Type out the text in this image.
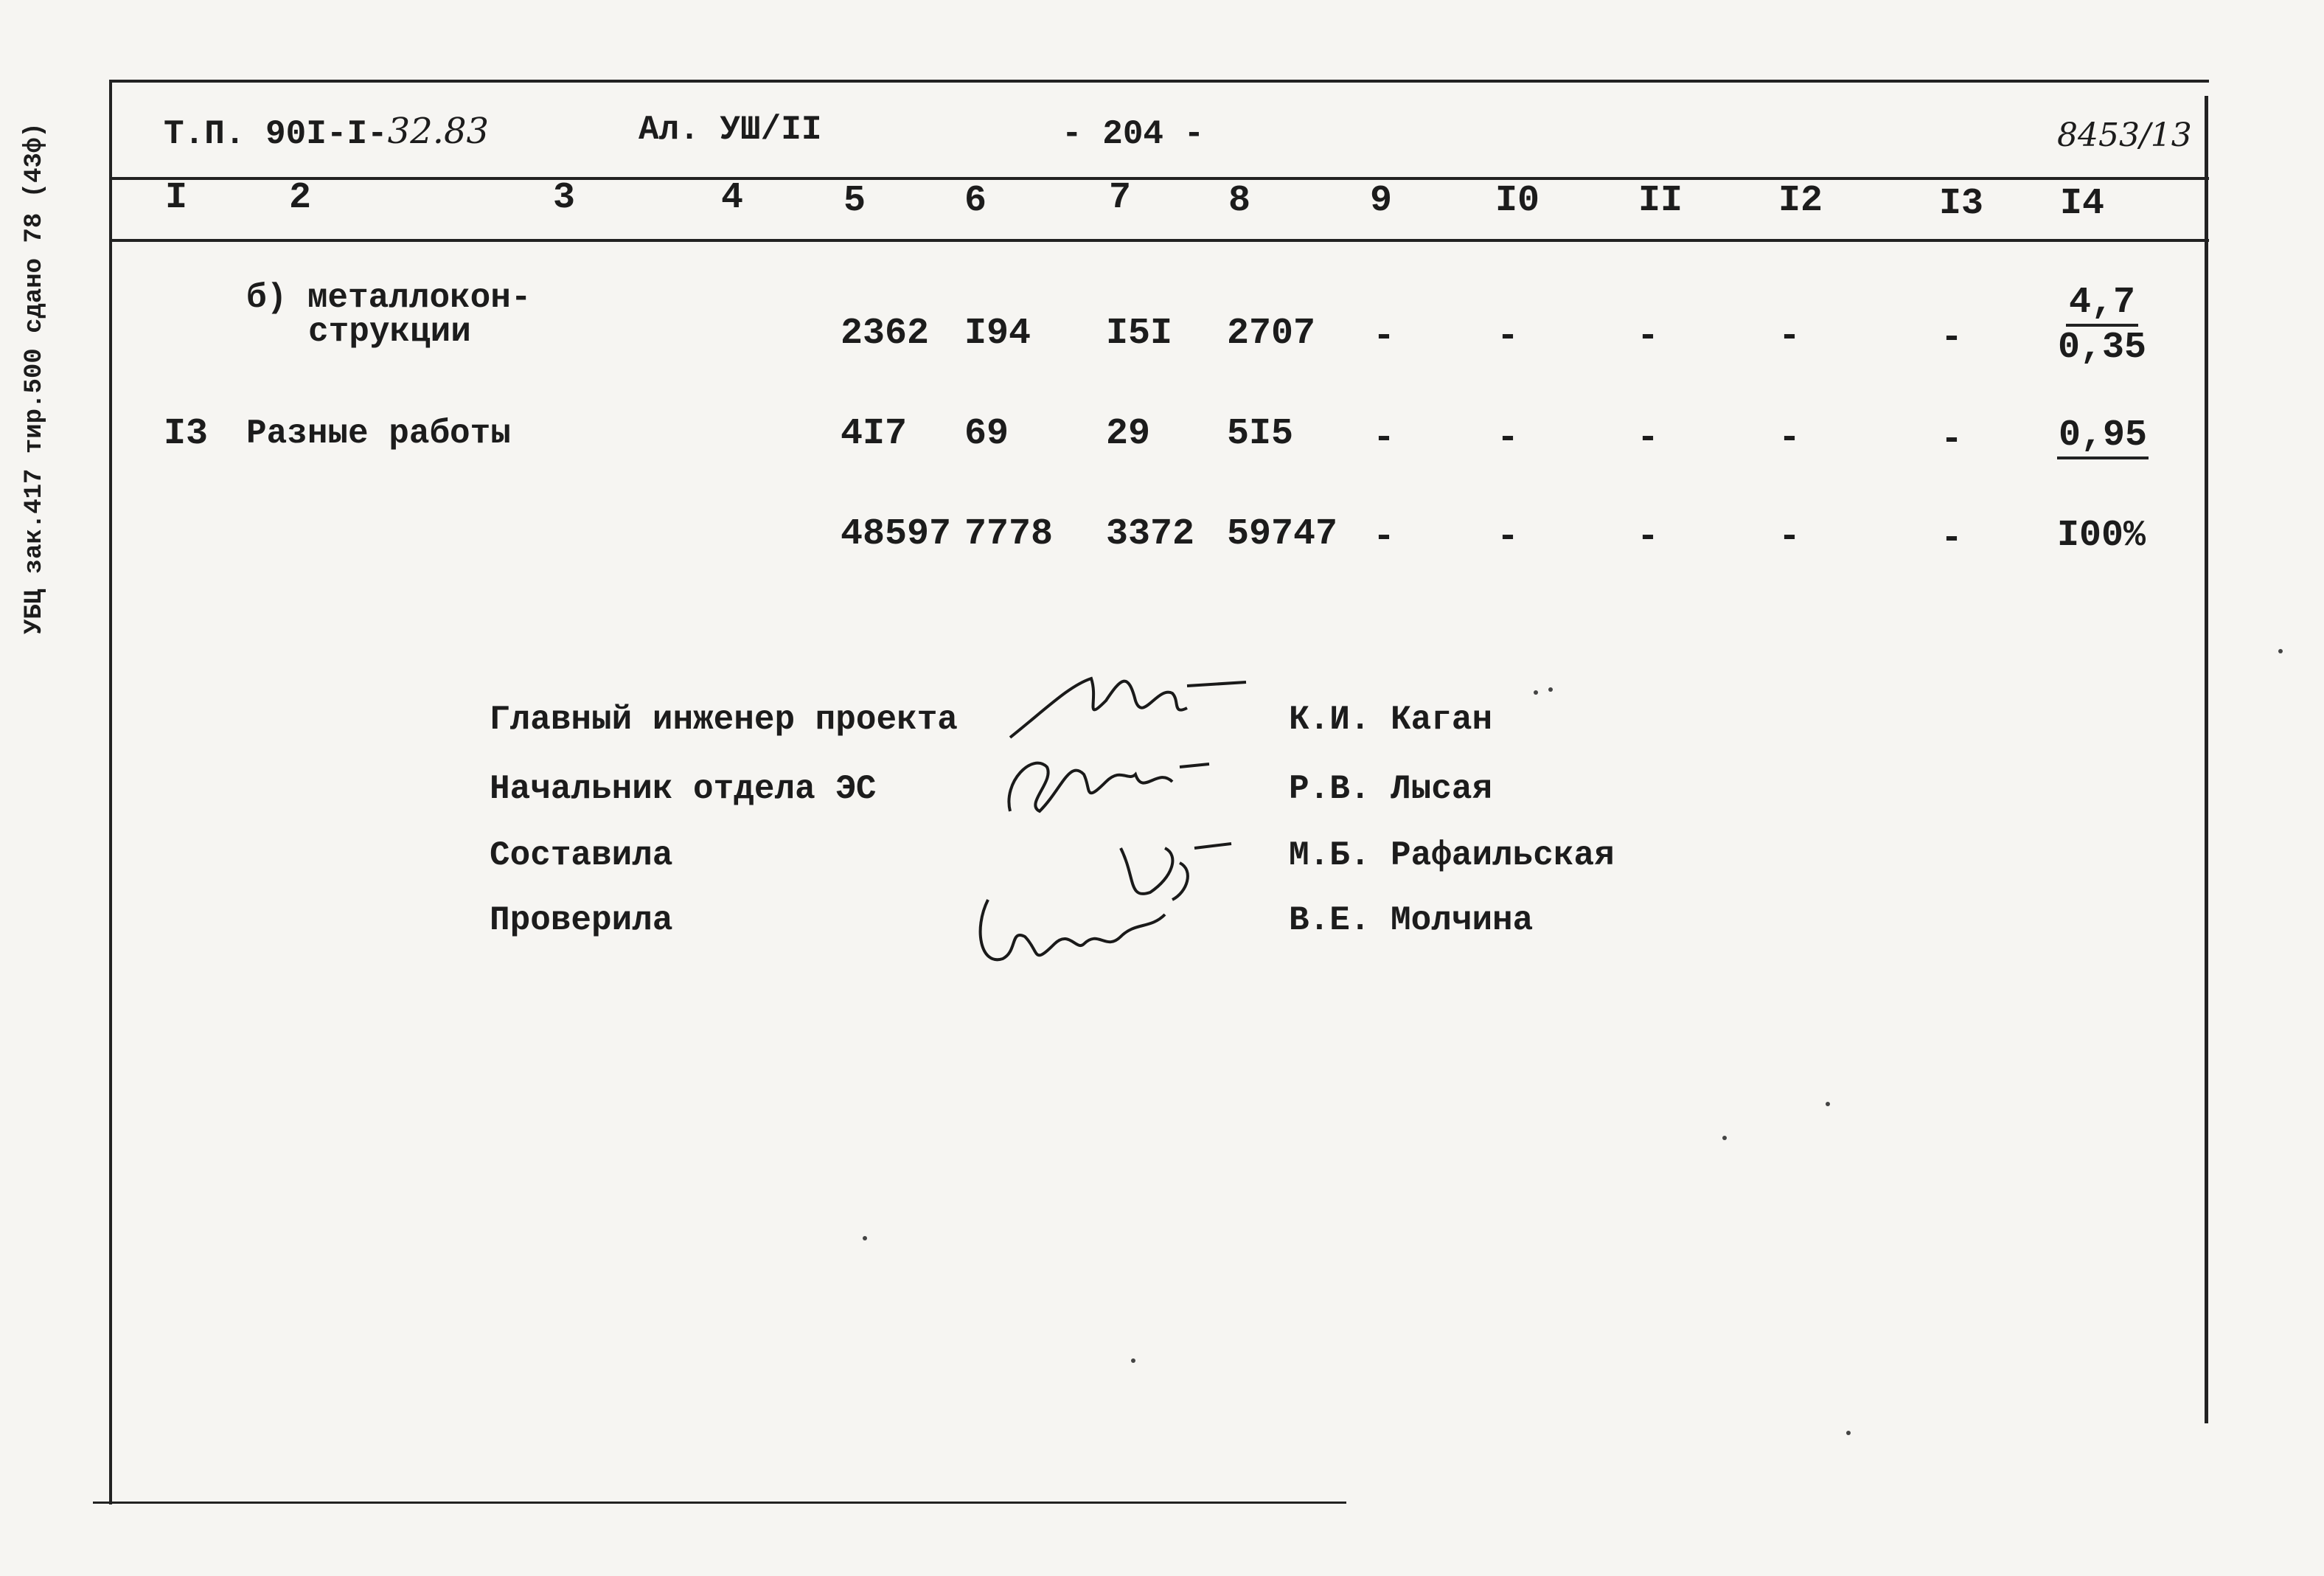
УБЦ зак.417 тир.500 сдано 78 (43ф)	Т.П. 90I-I-32.83	Ал. УШ/II	- 204 -	8453/13
I	2	3	4	5	6	7	8	9	I0	II	I2	I3 I4
б) металлокон-
струкции	2362 I94 I5I 2707 -	-	-	-	- $\frac{4,7}{0,35}$
I3 Разные работы	4I7 69	29 5I5 -	-	-	-	-	0,95
48597 7778 3372 59747 -	-	-	-	-	I00%
Главный инженер проекта	К.И. Каган
Начальник отдела ЭС	Р.В. Лысая
Составила	М.Б. Рафаильская
Проверила	В.Е. Молчина
